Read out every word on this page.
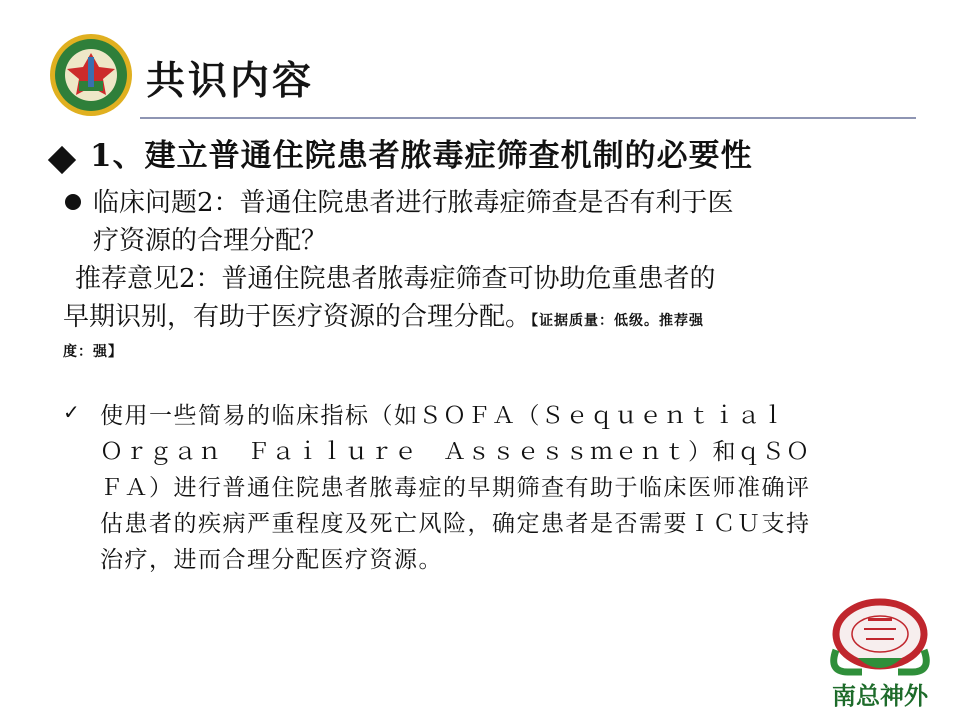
共识内容
1、建立普通住院患者脓毒症筛查机制的必要性
临床问题2：普通住院患者进行脓毒症筛查是否有利于医
疗资源的合理分配？
推荐意见2：普通住院患者脓毒症筛查可协助危重患者的
早期识别，有助于医疗资源的合理分配。【证据质量：低级。推荐强
度：强】
✓ 使用一些简易的临床指标（如ＳＯＦＡ（Ｓｅｑｕｅｎｔｉａｌ
Ｏｒｇａｎ　Ｆａｉｌｕｒｅ　Ａｓｓｅｓｓｍｅｎｔ）和ｑＳＯ
ＦＡ）进行普通住院患者脓毒症的早期筛查有助于临床医师准确评
估患者的疾病严重程度及死亡风险，确定患者是否需要ＩＣＵ支持
治疗，进而合理分配医疗资源。
南总神外
